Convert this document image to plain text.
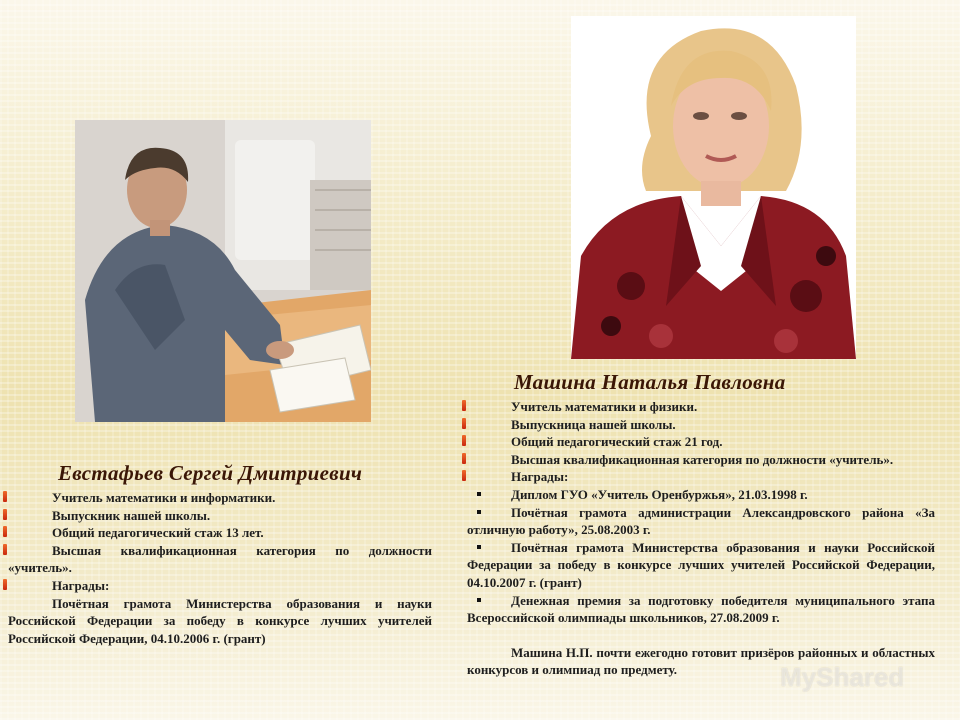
Машина Наталья Павловна

Учитель математики и физики.

Выпускница нашей школы.

Общий педагогический стаж 21 год.

Высшая квалификационная категория по должности «учитель».

Награды:

Диплом ГУО «Учитель Оренбуржья», 21.03.1998 г.

Почётная грамота администрации Александровского района «За отличную работу», 25.08.2003 г.

Почётная грамота Министерства образования и науки Российской Федерации за победу в конкурсе лучших учителей Российской Федерации, 04.10.2007 г. (грант)

Денежная премия за подготовку победителя муниципального этапа Всероссийской олимпиады школьников, 27.08.2009 г.

Машина Н.П. почти ежегодно готовит призёров районных и областных конкурсов и олимпиад по предмету.

Евстафьев Сергей Дмитриевич

Учитель математики и информатики.

Выпускник нашей школы.

Общий педагогический стаж 13 лет.

Высшая квалификационная категория по должности «учитель».

Награды:

Почётная грамота Министерства образования и науки Российской Федерации за победу в конкурсе лучших учителей Российской Федерации, 04.10.2006 г. (грант)

MyShared
